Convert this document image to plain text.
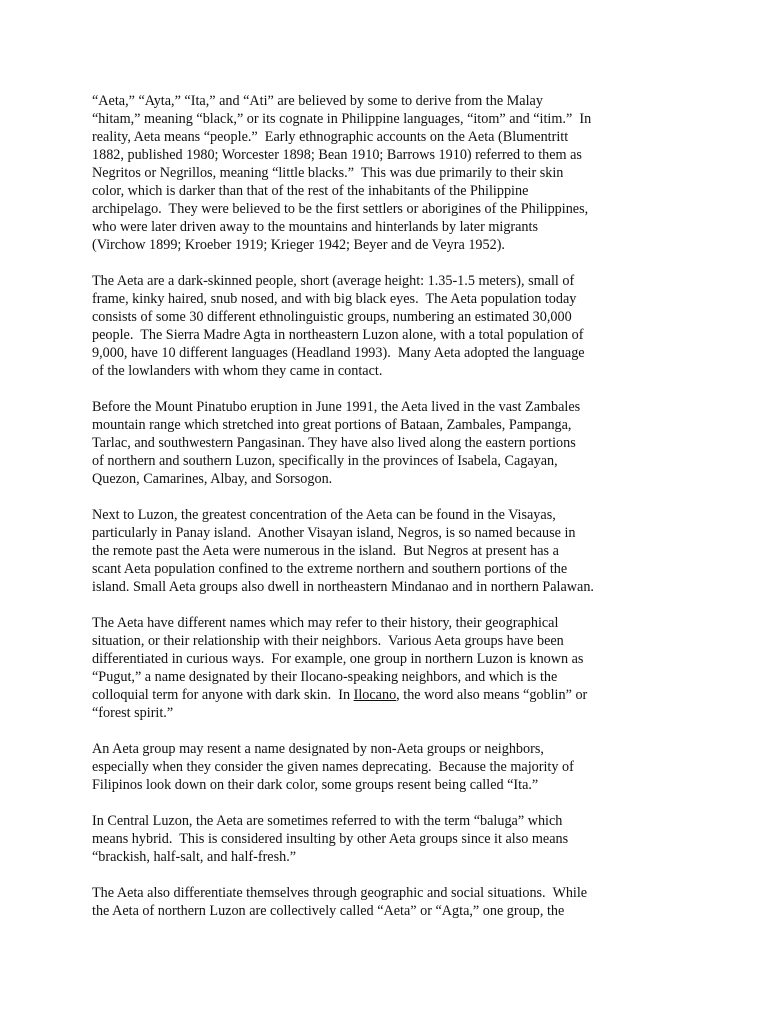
“Aeta,” “Ayta,” “Ita,” and “Ati” are believed by some to derive from the Malay
“hitam,” meaning “black,” or its cognate in Philippine languages, “itom” and “itim.”  In
reality, Aeta means “people.”  Early ethnographic accounts on the Aeta (Blumentritt
1882, published 1980; Worcester 1898; Bean 1910; Barrows 1910) referred to them as
Negritos or Negrillos, meaning “little blacks.”  This was due primarily to their skin
color, which is darker than that of the rest of the inhabitants of the Philippine
archipelago.  They were believed to be the first settlers or aborigines of the Philippines,
who were later driven away to the mountains and hinterlands by later migrants
(Virchow 1899; Kroeber 1919; Krieger 1942; Beyer and de Veyra 1952).

The Aeta are a dark-skinned people, short (average height: 1.35-1.5 meters), small of
frame, kinky haired, snub nosed, and with big black eyes.  The Aeta population today
consists of some 30 different ethnolinguistic groups, numbering an estimated 30,000
people.  The Sierra Madre Agta in northeastern Luzon alone, with a total population of
9,000, have 10 different languages (Headland 1993).  Many Aeta adopted the language
of the lowlanders with whom they came in contact.

Before the Mount Pinatubo eruption in June 1991, the Aeta lived in the vast Zambales
mountain range which stretched into great portions of Bataan, Zambales, Pampanga,
Tarlac, and southwestern Pangasinan. They have also lived along the eastern portions
of northern and southern Luzon, specifically in the provinces of Isabela, Cagayan,
Quezon, Camarines, Albay, and Sorsogon.

Next to Luzon, the greatest concentration of the Aeta can be found in the Visayas,
particularly in Panay island.  Another Visayan island, Negros, is so named because in
the remote past the Aeta were numerous in the island.  But Negros at present has a
scant Aeta population confined to the extreme northern and southern portions of the
island. Small Aeta groups also dwell in northeastern Mindanao and in northern Palawan.

The Aeta have different names which may refer to their history, their geographical
situation, or their relationship with their neighbors.  Various Aeta groups have been
differentiated in curious ways.  For example, one group in northern Luzon is known as
“Pugut,” a name designated by their Ilocano-speaking neighbors, and which is the
colloquial term for anyone with dark skin.  In Ilocano, the word also means “goblin” or
“forest spirit.”

An Aeta group may resent a name designated by non-Aeta groups or neighbors,
especially when they consider the given names deprecating.  Because the majority of
Filipinos look down on their dark color, some groups resent being called “Ita.”

In Central Luzon, the Aeta are sometimes referred to with the term “baluga” which
means hybrid.  This is considered insulting by other Aeta groups since it also means
“brackish, half-salt, and half-fresh.”

The Aeta also differentiate themselves through geographic and social situations.  While
the Aeta of northern Luzon are collectively called “Aeta” or “Agta,” one group, the
